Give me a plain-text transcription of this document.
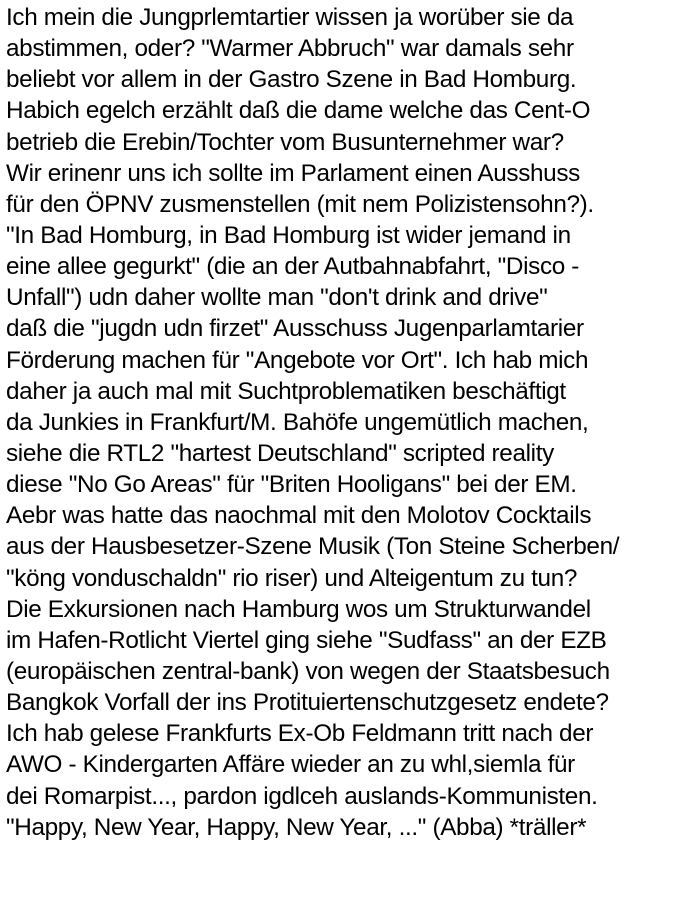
Ich mein die Jungprlemtartier wissen ja worüber sie da
abstimmen, oder? "Warmer Abbruch" war damals sehr
beliebt vor allem in der Gastro Szene in Bad Homburg.
Habich egelch erzählt daß die dame welche das Cent-O
betrieb die Erebin/Tochter vom Busunternehmer war?
Wir erinenr uns ich sollte im Parlament einen Ausshuss
für den ÖPNV zusmenstellen (mit nem Polizistensohn?).
"In Bad Homburg, in Bad Homburg ist wider jemand in
eine allee gegurkt" (die an der Autbahnabfahrt, "Disco -
Unfall") udn daher wollte man "don't drink and drive"
daß die "jugdn udn firzet" Ausschuss Jugenparlamtarier
Förderung machen für "Angebote vor Ort". Ich hab mich
daher ja auch mal mit Suchtproblematiken beschäftigt
da Junkies in Frankfurt/M. Bahöfe ungemütlich machen,
siehe die RTL2 "hartest Deutschland" scripted reality
diese "No Go Areas" für "Briten Hooligans" bei der EM.
Aebr was hatte das naochmal mit den Molotov Cocktails
aus der Hausbesetzer-Szene Musik (Ton Steine Scherben/
"köng vonduschaldn" rio riser) und Alteigentum zu tun?
Die Exkursionen nach Hamburg wos um Strukturwandel
im Hafen-Rotlicht Viertel ging siehe "Sudfass" an der EZB
(europäischen zentral-bank) von wegen der Staatsbesuch
Bangkok Vorfall der ins Protituiertenschutzgesetz endete?
Ich hab gelese Frankfurts Ex-Ob Feldmann tritt nach der
AWO - Kindergarten Affäre wieder an zu whl,siemla für
dei Romarpist..., pardon igdlceh auslands-Kommunisten.
"Happy, New Year, Happy, New Year, ..." (Abba) *träller*
